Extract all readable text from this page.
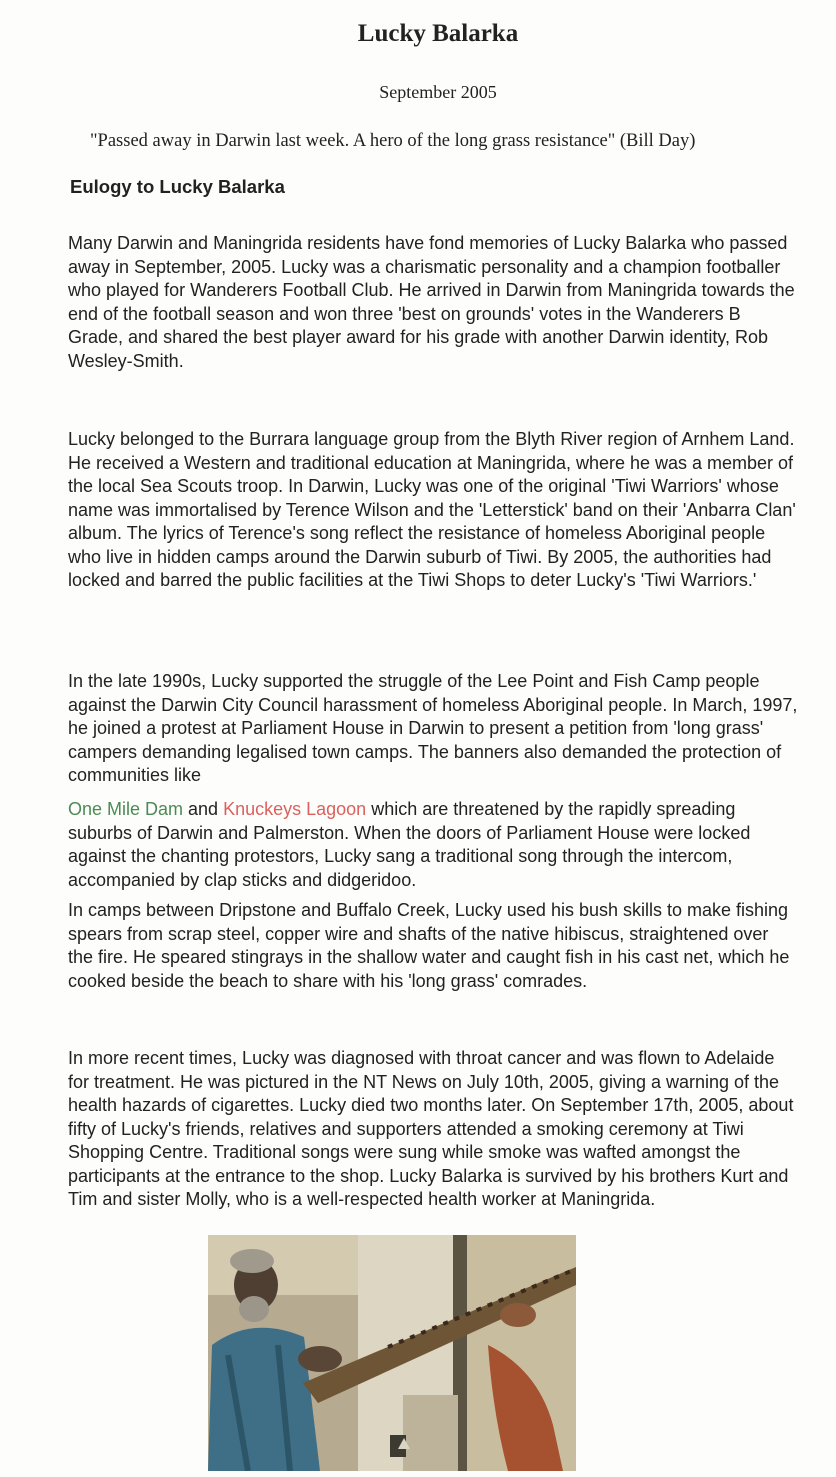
Lucky Balarka
September 2005
"Passed away in Darwin last week. A hero of the long grass resistance" (Bill Day)
Eulogy to Lucky Balarka

Many Darwin and Maningrida residents have fond memories of Lucky Balarka who passed away in September, 2005. Lucky was a charismatic personality and a champion footballer who played for Wanderers Football Club. He arrived in Darwin from Maningrida towards the end of the football season and won three 'best on grounds' votes in the Wanderers B Grade, and shared the best player award for his grade with another Darwin identity, Rob Wesley-Smith.

Lucky belonged to the Burrara language group from the Blyth River region of Arnhem Land. He received a Western and traditional education at Maningrida, where he was a member of the local Sea Scouts troop. In Darwin, Lucky was one of the original 'Tiwi Warriors' whose name was immortalised by Terence Wilson and the 'Letterstick' band on their 'Anbarra Clan' album. The lyrics of Terence's song reflect the resistance of homeless Aboriginal people who live in hidden camps around the Darwin suburb of Tiwi. By 2005, the authorities had locked and barred the public facilities at the Tiwi Shops to deter Lucky's 'Tiwi Warriors.'

In the late 1990s, Lucky supported the struggle of the Lee Point and Fish Camp people against the Darwin City Council harassment of homeless Aboriginal people. In March, 1997, he joined a protest at Parliament House in Darwin to present a petition from 'long grass' campers demanding legalised town camps. The banners also demanded the protection of communities like

One Mile Dam and Knuckeys Lagoon which are threatened by the rapidly spreading suburbs of Darwin and Palmerston. When the doors of Parliament House were locked against the chanting protestors, Lucky sang a traditional song through the intercom, accompanied by clap sticks and didgeridoo.

In camps between Dripstone and Buffalo Creek, Lucky used his bush skills to make fishing spears from scrap steel, copper wire and shafts of the native hibiscus, straightened over the fire. He speared stingrays in the shallow water and caught fish in his cast net, which he cooked beside the beach to share with his 'long grass' comrades.

In more recent times, Lucky was diagnosed with throat cancer and was flown to Adelaide for treatment. He was pictured in the NT News on July 10th, 2005, giving a warning of the health hazards of cigarettes. Lucky died two months later. On September 17th, 2005, about fifty of Lucky's friends, relatives and supporters attended a smoking ceremony at Tiwi Shopping Centre. Traditional songs were sung while smoke was wafted amongst the participants at the entrance to the shop. Lucky Balarka is survived by his brothers Kurt and Tim and sister Molly, who is a well-respected health worker at Maningrida.
